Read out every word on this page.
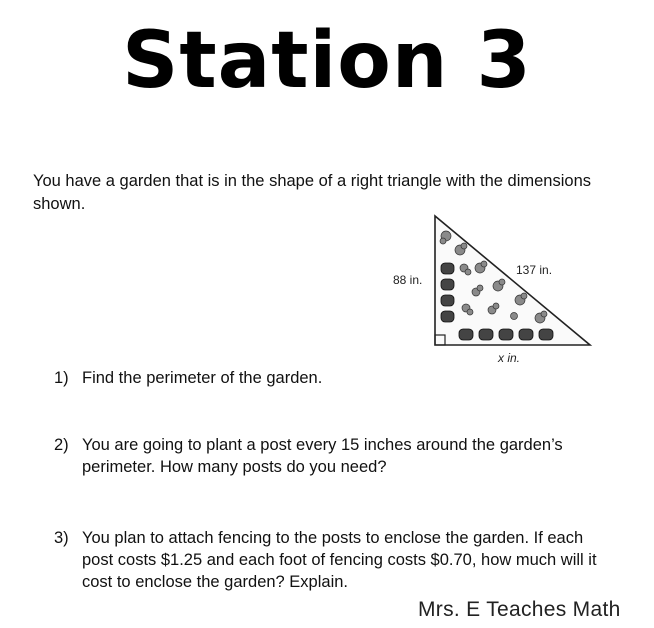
Station 3
You have a garden that is in the shape of a right triangle with the dimensions shown.
88 in.
137 in.
x in.
1) Find the perimeter of the garden.
2) You are going to plant a post every 15 inches around the garden’s
perimeter. How many posts do you need?
3) You plan to attach fencing to the posts to enclose the garden. If each
post costs $1.25 and each foot of fencing costs $0.70, how much will it
cost to enclose the garden? Explain.
Mrs. E Teaches Math
